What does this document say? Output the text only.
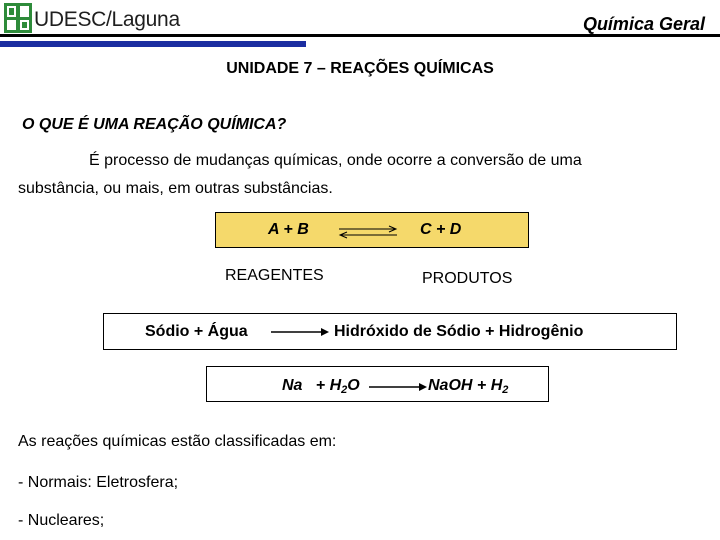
UDESC/Laguna	Química Geral
UNIDADE 7 – REAÇÕES QUÍMICAS
O QUE É UMA REAÇÃO QUÍMICA?
É processo de mudanças químicas, onde ocorre a conversão de uma
substância, ou mais, em outras substâncias.
A + B ⇌ C + D
REAGENTES	PRODUTOS
Sódio + Água → Hidróxido de Sódio + Hidrogênio
$Na + H_2O$ → NaOH + $H_2$
As reações químicas estão classificadas em:
- Normais: Eletrosfera;
- Nucleares;
